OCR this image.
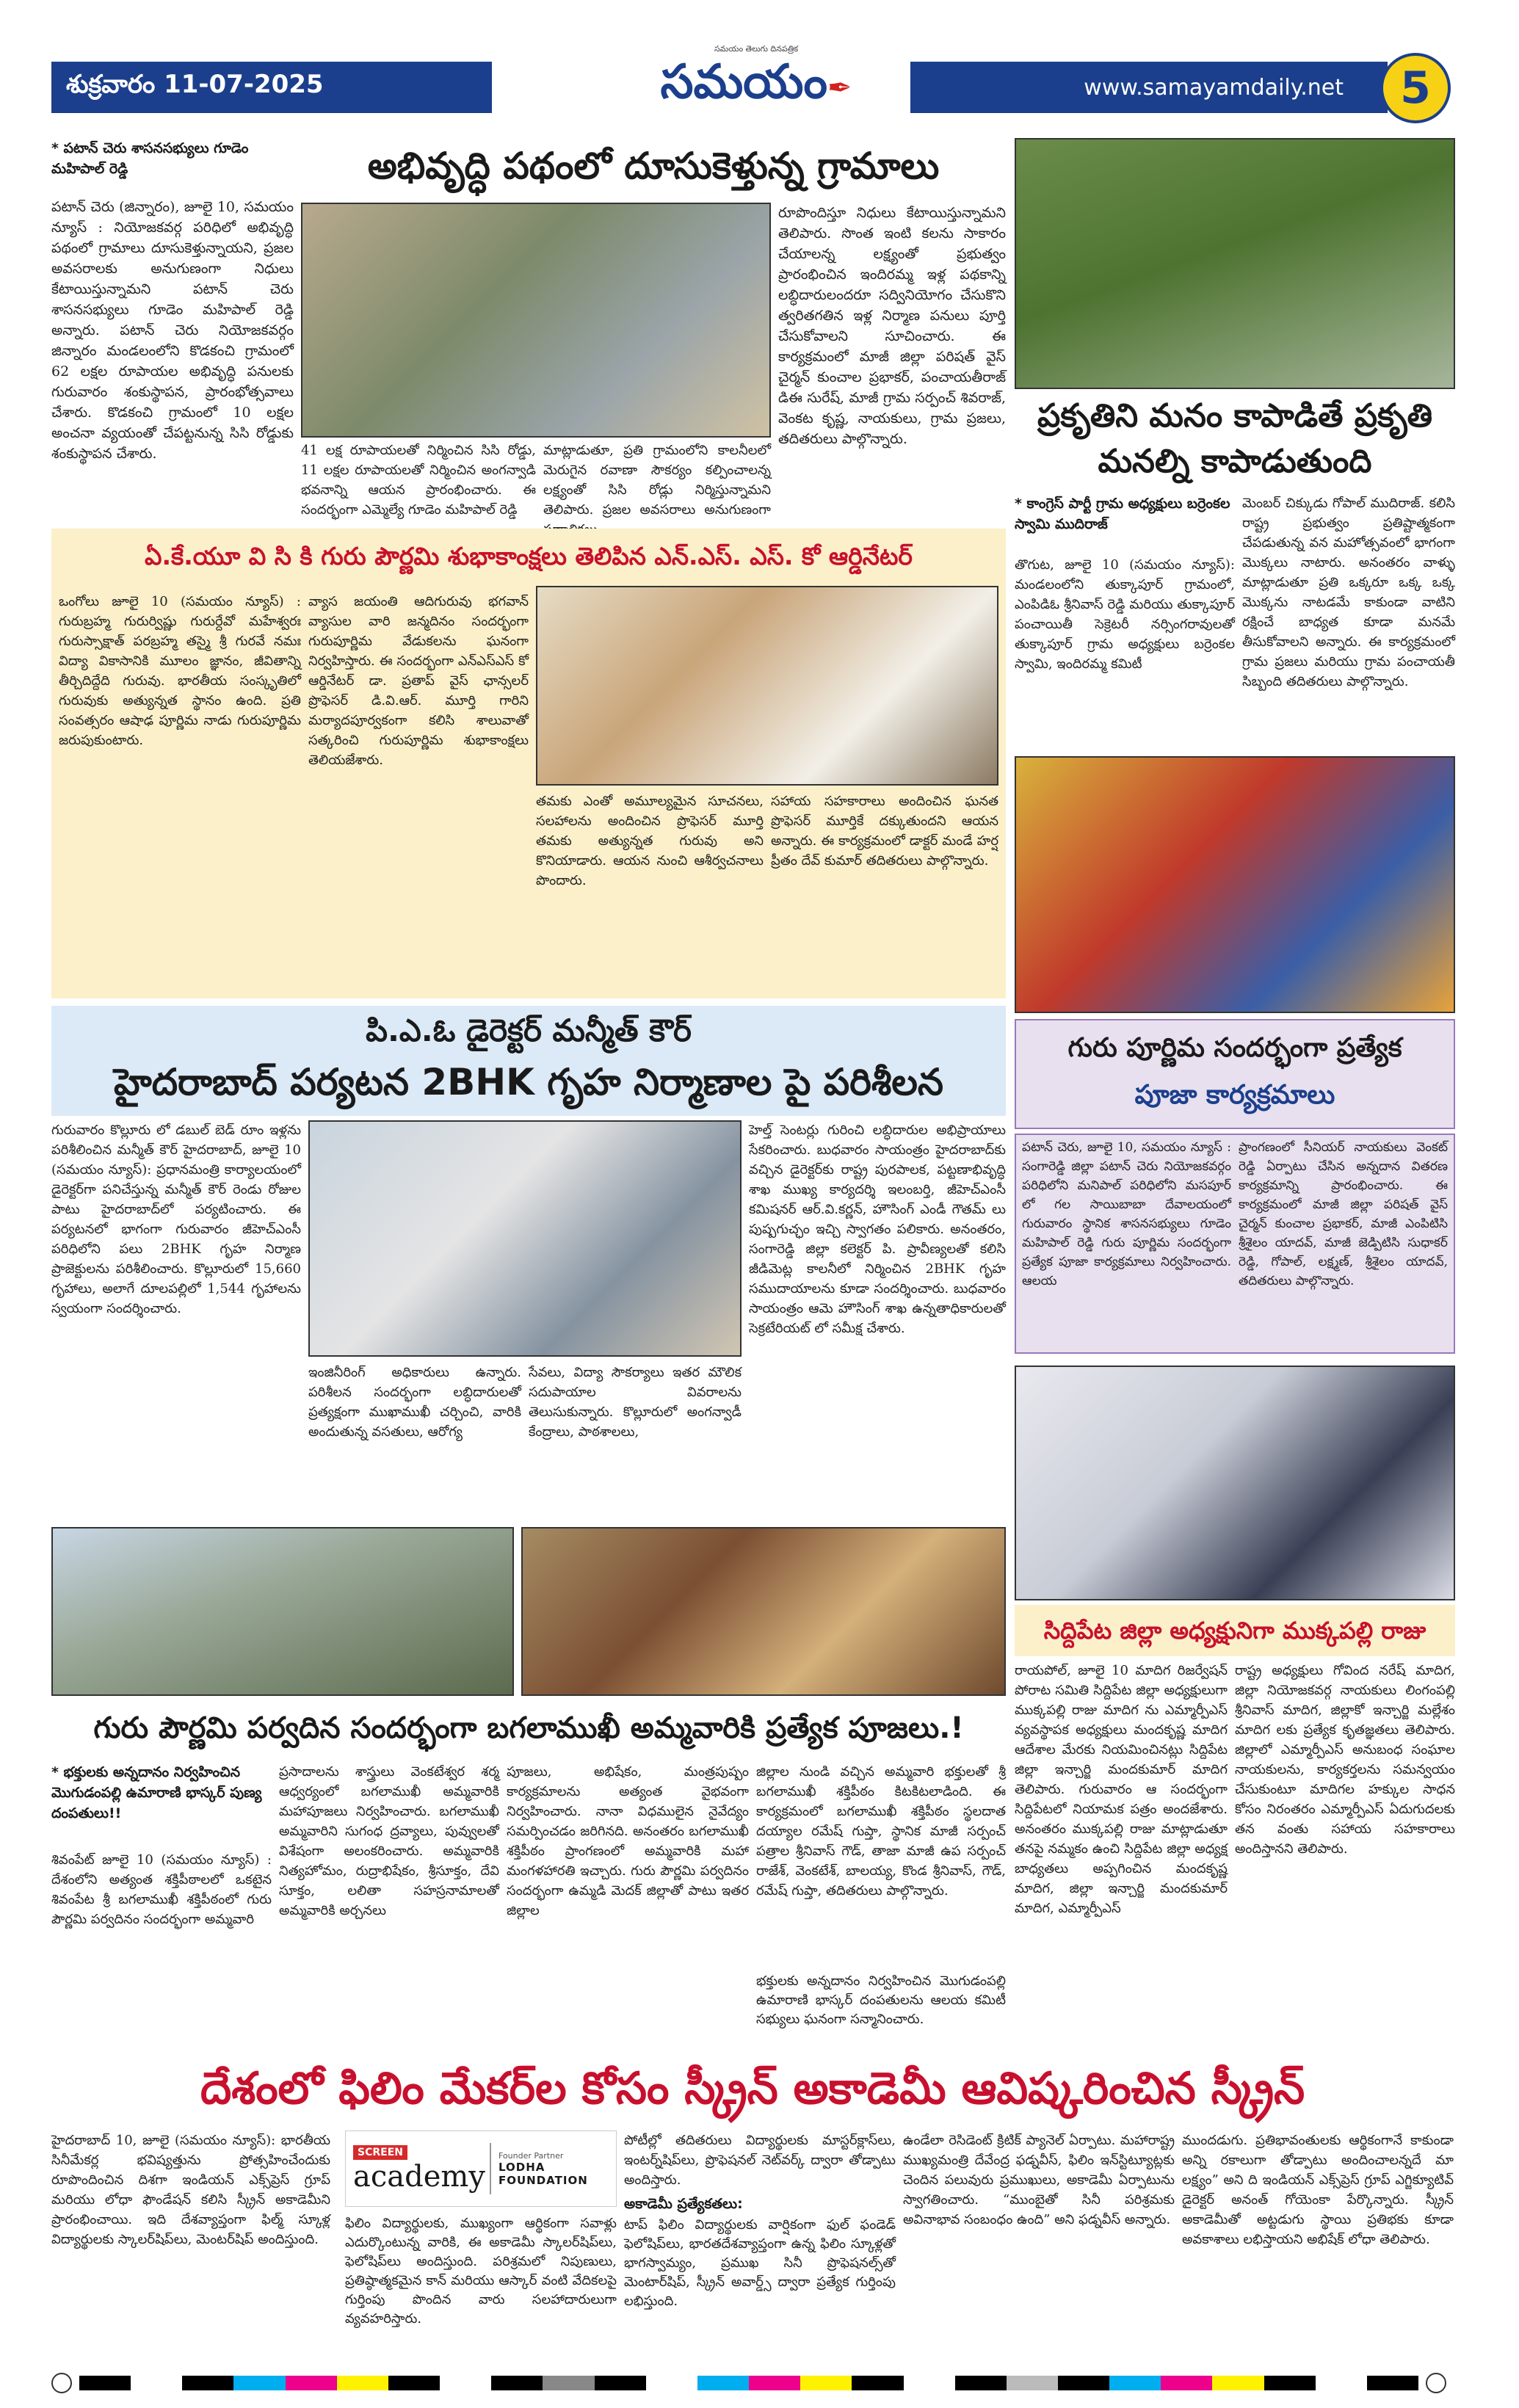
శుక్రవారం 11-07-2025
సమయం తెలుగు దినపత్రిక
సమయం✒	www.samayamdaily.net	5
* పటాన్ చెరు శాసనసభ్యులు గూడెం మహిపాల్ రెడ్డి	అభివృద్ధి పథంలో దూసుకెళ్తున్న గ్రామాలు
పటాన్ చెరు (జిన్నారం), జూలై 10, సమయం న్యూస్ : నియోజకవర్గ పరిధిలో అభివృద్ధి పథంలో గ్రామాలు దూసుకెళ్తున్నాయని, ప్రజల అవసరాలకు అనుగుణంగా నిధులు కేటాయిస్తున్నామని పటాన్ చెరు శాసనసభ్యులు గూడెం మహిపాల్ రెడ్డి అన్నారు. పటాన్ చెరు నియోజకవర్గం జిన్నారం మండలంలోని కొడకంచి గ్రామంలో 62 లక్షల రూపాయల అభివృద్ధి పనులకు గురువారం శంకుస్థాపన, ప్రారంభోత్సవాలు చేశారు. కొడకంచి గ్రామంలో 10 లక్షల అంచనా వ్యయంతో చేపట్టనున్న సిసి రోడ్డుకు శంకుస్థాపన చేశారు.	41 లక్ష రూపాయలతో నిర్మించిన సిసి రోడ్డు, 11 లక్షల రూపాయలతో నిర్మించిన అంగన్వాడి భవనాన్ని ఆయన ప్రారంభించారు. ఈ సందర్భంగా ఎమ్మెల్యే గూడెం మహిపాల్ రెడ్డి
మాట్లాడుతూ, ప్రతి గ్రామంలోని కాలనీలలో మెరుగైన రవాణా సౌకర్యం కల్పించాలన్న లక్ష్యంతో సిసి రోడ్లు నిర్మిస్తున్నామని తెలిపారు. ప్రజల అవసరాలు అనుగుణంగా
రూపొందిస్తూ నిధులు కేటాయిస్తున్నామని తెలిపారు. సొంత ఇంటి కలను సాకారం చేయాలన్న లక్ష్యంతో ప్రభుత్వం ప్రారంభించిన ఇందిరమ్మ ఇళ్ల పథకాన్ని లబ్ధిదారులందరూ సద్వినియోగం చేసుకొని త్వరితగతిన ఇళ్ల నిర్మాణ పనులు పూర్తి చేసుకోవాలని సూచించారు. ఈ కార్యక్రమంలో మాజీ జిల్లా పరిషత్ వైస్ చైర్మన్ కుంచాల ప్రభాకర్, పంచాయతీరాజ్ డిఈ సురేష్, మాజీ గ్రామ సర్పంచ్ శివరాజ్, వెంకట కృష్ణ, నాయకులు, గ్రామ ప్రజలు, తదితరులు పాల్గొన్నారు.
ప్రకృతిని మనం కాపాడితే ప్రకృతి
మనల్ని కాపాడుతుంది
* కాంగ్రెస్ పార్టీ గ్రామ అధ్యక్షులు బర్రెంకల స్వామి ముదిరాజ్
తొగుట, జూలై 10 (సమయం న్యూస్): మండలంలోని తుక్కాపూర్ గ్రామంలో, ఎంపిడిఓ శ్రీనివాస్ రెడ్డి మరియు తుక్కాపూర్ పంచాయితీ సెక్రెటరీ నర్సింగరావులతో తుక్కాపూర్ గ్రామ అధ్యక్షులు బర్రెంకల స్వామి, ఇందిరమ్మ కమిటీ
మెంబర్ చిక్కుడు గోపాల్ ముదిరాజ్. కలిసి రాష్ట్ర ప్రభుత్వం ప్రతిష్టాత్మకంగా చేపడుతున్న వన మహోత్సవంలో భాగంగా మొక్కలు నాటారు. అనంతరం వాళ్ళు మాట్లాడుతూ ప్రతి ఒక్కరూ ఒక్క ఒక్క మొక్కను నాటడమే కాకుండా వాటిని రక్షించే బాధ్యత కూడా మనమే తీసుకోవాలని అన్నారు. ఈ కార్యక్రమంలో గ్రామ ప్రజలు మరియు గ్రామ పంచాయతీ సిబ్బంది తదితరులు పాల్గొన్నారు.
ఏ.కే.యూ వి సి కి గురు పౌర్ణమి శుభాకాంక్షలు తెలిపిన ఎన్.ఎస్. ఎస్. కో ఆర్డినేటర్
ఒంగోలు జూలై 10 (సమయం న్యూస్) : గురుబ్రహ్మ గురుర్విష్ణు గురుర్దేవో మహేశ్వరః గురుస్సాక్షాత్ పరబ్రహ్మ తస్మై శ్రీ గురవే నమః విద్యా వికాసానికి మూలం జ్ఞానం, జీవితాన్ని తీర్చిదిద్దేది గురువు. భారతీయ సంస్కృతిలో గురువుకు అత్యున్నత స్థానం ఉంది. ప్రతి సంవత్సరం ఆషాఢ పూర్ణిమ నాడు గురుపూర్ణిమ జరుపుకుంటారు.
వ్యాస జయంతి ఆదిగురువు భగవాన్ వ్యాసుల వారి జన్మదినం సందర్భంగా గురుపూర్ణిమ వేడుకలను ఘనంగా నిర్వహిస్తారు. ఈ సందర్భంగా ఎన్ఎస్ఎస్ కో ఆర్డినేటర్ డా. ప్రతాప్ వైస్ ఛాన్సలర్ ప్రొఫెసర్ డి.వి.ఆర్. మూర్తి గారిని మర్యాదపూర్వకంగా కలిసి శాలువాతో సత్కరించి గురుపూర్ణిమ శుభాకాంక్షలు తెలియజేశారు.
తమకు ఎంతో అమూల్యమైన సూచనలు, సలహాలను అందించిన ప్రొఫెసర్ మూర్తి తమకు అత్యున్నత గురువు అని కొనియాడారు. ఆయన నుంచి ఆశీర్వచనాలు పొందారు.
సహాయ సహకారాలు అందించిన ఘనత ప్రొఫెసర్ మూర్తికే దక్కుతుందని ఆయన అన్నారు. ఈ కార్యక్రమంలో డాక్టర్ మండే హర్ష ప్రీతం దేవ్ కుమార్ తదితరులు పాల్గొన్నారు.
పి.ఎ.ఓ డైరెక్టర్ మన్మీత్ కౌర్
హైదరాబాద్ పర్యటన 2BHK గృహ నిర్మాణాల పై పరిశీలన
గురువారం కొల్లూరు లో డబుల్ బెడ్ రూం ఇళ్లను పరిశీలించిన మన్మీత్ కౌర్ హైదరాబాద్, జూలై 10 (సమయం న్యూస్): ప్రధానమంత్రి కార్యాలయంలో డైరెక్టర్‌గా పనిచేస్తున్న మన్మీత్ కౌర్ రెండు రోజుల పాటు హైదరాబాద్‌లో పర్యటించారు. ఈ పర్యటనలో భాగంగా గురువారం జీహెచ్ఎంసీ పరిధిలోని పలు 2BHK గృహ నిర్మాణ ప్రాజెక్టులను పరిశీలించారు. కొల్లూరులో 15,660 గృహాలు, అలాగే దూలపల్లిలో 1,544 గృహాలను స్వయంగా సందర్శించారు.
ఇంజినీరింగ్ అధికారులు ఉన్నారు. పరిశీలన సందర్భంగా లబ్ధిదారులతో ప్రత్యక్షంగా ముఖాముఖీ చర్చించి, వారికి అందుతున్న వసతులు, ఆరోగ్య
సేవలు, విద్యా సౌకర్యాలు ఇతర మౌలిక సదుపాయాల వివరాలను తెలుసుకున్నారు. కొల్లూరులో అంగన్వాడీ కేంద్రాలు, పాఠశాలలు,
హెల్త్ సెంటర్లు గురించి లబ్ధిదారుల అభిప్రాయాలు సేకరించారు. బుధవారం సాయంత్రం హైదరాబాద్‌కు వచ్చిన డైరెక్టర్‌కు రాష్ట్ర పురపాలక, పట్టణాభివృద్ధి శాఖ ముఖ్య కార్యదర్శి ఇలంబర్తి, జీహెచ్ఎంసీ కమిషనర్ ఆర్.వి.కర్ణన్, హౌసింగ్ ఎండీ గౌతమ్ లు పుష్పగుచ్ఛం ఇచ్చి స్వాగతం పలికారు. అనంతరం, సంగారెడ్డి జిల్లా కలెక్టర్ పి. ప్రావీణ్యలతో కలిసి జీడిమెట్ల కాలనీలో నిర్మించిన 2BHK గృహ సముదాయాలను కూడా సందర్శించారు. బుధవారం సాయంత్రం ఆమె హౌసింగ్ శాఖ ఉన్నతాధికారులతో సెక్రటేరియట్ లో సమీక్ష చేశారు.
గురు పూర్ణిమ సందర్భంగా ప్రత్యేక
పూజా కార్యక్రమాలు
పటాన్ చెరు, జూలై 10, సమయం న్యూస్ : సంగారెడ్డి జిల్లా పటాన్ చెరు నియోజకవర్గం పరిధిలోని మనిపాల్ పరిధిలోని మసపూర్ లో గల సాయిబాబా దేవాలయంలో గురువారం స్థానిక శాసనసభ్యులు గూడెం మహిపాల్ రెడ్డి గురు పూర్ణిమ సందర్భంగా ప్రత్యేక పూజా కార్యక్రమాలు నిర్వహించారు. ఆలయ
ప్రాంగణంలో సీనియర్ నాయకులు వెంకట్ రెడ్డి ఏర్పాటు చేసిన అన్నదాన వితరణ కార్యక్రమాన్ని ప్రారంభించారు. ఈ కార్యక్రమంలో మాజీ జిల్లా పరిషత్ వైస్ చైర్మన్ కుంచాల ప్రభాకర్, మాజీ ఎంపిటిసి శ్రీశైలం యాదవ్, మాజీ జెడ్పిటిసి సుధాకర్ రెడ్డి, గోపాల్, లక్ష్మణ్, శ్రీశైలం యాదవ్, తదితరులు పాల్గొన్నారు.
సిద్దిపేట జిల్లా అధ్యక్షునిగా ముక్కపల్లి రాజు
రాయపోల్, జూలై 10 మాదిగ రిజర్వేషన్ పోరాట సమితి సిద్దిపేట జిల్లా అధ్యక్షులుగా ముక్కపల్లి రాజు మాదిగ ను ఎమ్మార్పీఎస్ వ్యవస్థాపక అధ్యక్షులు మందకృష్ణ మాదిగ ఆదేశాల మేరకు నియమించినట్లు సిద్దిపేట జిల్లా ఇన్చార్జి మందకుమార్ మాదిగ తెలిపారు. గురువారం ఆ సందర్భంగా సిద్దిపేటలో నియామక పత్రం అందజేశారు. అనంతరం ముక్కపల్లి రాజు మాట్లాడుతూ తనపై నమ్మకం ఉంచి సిద్దిపేట జిల్లా అధ్యక్ష బాధ్యతలు అప్పగించిన మందకృష్ణ మాదిగ, జిల్లా ఇన్చార్జి మందకుమార్ మాదిగ, ఎమ్మార్పీఎస్
రాష్ట్ర అధ్యక్షులు గోవింద నరేష్ మాదిగ, జిల్లా నియోజకవర్గ నాయకులు లింగంపల్లి శ్రీనివాస్ మాదిగ, జిల్లాకో ఇన్చార్జి మల్లేశం మాదిగ లకు ప్రత్యేక కృతజ్ఞతలు తెలిపారు. జిల్లాలో ఎమ్మార్పీఎస్ అనుబంధ సంఘాల నాయకులను, కార్యకర్తలను సమన్వయం చేసుకుంటూ మాదిగల హక్కుల సాధన కోసం నిరంతరం ఎమ్మార్పీఎస్ ఏదుగుదలకు తన వంతు సహాయ సహకారాలు అందిస్తానని తెలిపారు.
గురు పౌర్ణమి పర్వదిన సందర్భంగా బగలాముఖీ అమ్మవారికి ప్రత్యేక పూజలు.!
* భక్తులకు అన్నదానం నిర్వహించిన మొగుడంపల్లి ఉమారాణి భాస్కర్ పుణ్య దంపతులు!!
శివంపేట్ జూలై 10 (సమయం న్యూస్) : దేశంలోని అత్యంత శక్తిపీఠాలలో ఒకటైన శివంపేట శ్రీ బగలాముఖీ శక్తిపీఠంలో గురు పౌర్ణమి పర్వదినం సందర్భంగా అమ్మవారి
ప్రసాదాలను శాస్త్రులు వెంకటేశ్వర శర్మ ఆధ్వర్యంలో బగలాముఖీ అమ్మవారికి మహాపూజలు నిర్వహించారు. బగలాముఖీ అమ్మవారిని సుగంధ ద్రవ్యాలు, పువ్వులతో విశేషంగా అలంకరించారు. అమ్మవారికి నిత్యహోమం, రుద్రాభిషేకం, శ్రీసూక్తం, దేవి సూక్తం, లలితా సహస్రనామాలతో అమ్మవారికి అర్చనలు
పూజలు, అభిషేకం, మంత్రపుష్పం కార్యక్రమాలను అత్యంత వైభవంగా నిర్వహించారు. నానా విధములైన నైవేద్యం సమర్పించడం జరిగినది. అనంతరం బగలాముఖీ శక్తిపీఠం ప్రాంగణంలో అమ్మవారికి మహా మంగళహారతి ఇచ్చారు. గురు పౌర్ణమి పర్వదినం సందర్భంగా ఉమ్మడి మెదక్ జిల్లాతో పాటు ఇతర జిల్లాల
జిల్లాల నుండి వచ్చిన అమ్మవారి భక్తులతో శ్రీ బగలాముఖీ శక్తిపీఠం కిటకిటలాడింది. ఈ కార్యక్రమంలో బగలాముఖీ శక్తిపీఠం స్థలదాత దయ్యాల రమేష్ గుప్తా, స్థానిక మాజీ సర్పంచ్ పత్రాల శ్రీనివాస్ గౌడ్, తాజా మాజీ ఉప సర్పంచ్ రాజేశ్, వెంకటేశ్, బాలయ్య, కొండ శ్రీనివాస్, గౌడ్, రమేష్ గుప్తా, తదితరులు పాల్గొన్నారు.
భక్తులకు అన్నదానం నిర్వహించిన మొగుడంపల్లి ఉమారాణి భాస్కర్ దంపతులను ఆలయ కమిటీ సభ్యులు ఘనంగా సన్మానించారు.
దేశంలో ఫిలిం మేకర్‌ల కోసం స్క్రీన్ అకాడెమీ ఆవిష్కరించిన స్క్రీన్
హైదరాబాద్ 10, జూలై (సమయం న్యూస్): భారతీయ సినీమేకర్ల భవిష్యత్తును ప్రోత్సహించేందుకు రూపొందించిన దిశగా ఇండియన్ ఎక్స్‌ప్రెస్ గ్రూప్ మరియు లోధా ఫౌండేషన్ కలిసి స్క్రీన్ అకాడెమీని ప్రారంభించాయి. ఇది దేశవ్యాప్తంగా ఫిల్మ్ స్కూళ్ల విద్యార్థులకు స్కాలర్‌షిప్‌లు, మెంటర్‌షిప్ అందిస్తుంది.
SCREEN
academy
Founder Partner
LODHA FOUNDATION
ఫిలిం విద్యార్థులకు, ముఖ్యంగా ఆర్థికంగా సవాళ్లు ఎదుర్కొంటున్న వారికి, ఈ అకాడెమీ స్కాలర్‌షిప్‌లు, ఫెలోషిప్‌లు అందిస్తుంది. పరిశ్రమలో నిపుణులు, ప్రతిష్ఠాత్మకమైన కాన్ మరియు ఆస్కార్ వంటి వేదికలపై గుర్తింపు పొందిన వారు సలహాదారులుగా వ్యవహరిస్తారు.
పోటీల్లో తదితరులు విద్యార్థులకు మాస్టర్‌క్లాస్‌లు, ఇంటర్న్‌షిప్‌లు, ప్రొఫెషనల్ నెట్‌వర్క్ ద్వారా తోడ్పాటు అందిస్తారు.
అకాడెమీ ప్రత్యేకతలు:
టాప్ ఫిలిం విద్యార్థులకు వార్షికంగా ఫుల్ ఫండెడ్ ఫెలోషిప్‌లు, భారతదేశవ్యాప్తంగా ఉన్న ఫిలిం స్కూళ్లతో భాగస్వామ్యం, ప్రముఖ సినీ ప్రొఫెషనల్స్‌తో మెంటార్‌షిప్, స్క్రీన్ అవార్డ్స్ ద్వారా ప్రత్యేక గుర్తింపు లభిస్తుంది.
ఉండేలా రెసిడెంట్ క్రిటిక్ ప్యానెల్ ఏర్పాటు. మహారాష్ట్ర ముఖ్యమంత్రి దేవేంద్ర ఫడ్నవీస్, ఫిలిం ఇన్‌స్టిట్యూట్లకు చెందిన పలువురు ప్రముఖులు, అకాడెమీ ఏర్పాటును స్వాగతించారు. “ముంబైతో సినీ పరిశ్రమకు అవినాభావ సంబంధం ఉంది” అని ఫడ్నవీస్ అన్నారు.
ముందడుగు. ప్రతిభావంతులకు ఆర్థికంగానే కాకుండా అన్ని రకాలుగా తోడ్పాటు అందించాలన్నదే మా లక్ష్యం” అని ది ఇండియన్ ఎక్స్‌ప్రెస్ గ్రూప్ ఎగ్జిక్యూటివ్ డైరెక్టర్ అనంత్ గోయెంకా పేర్కొన్నారు. స్క్రీన్ అకాడెమీతో అట్టడుగు స్థాయి ప్రతిభకు కూడా అవకాశాలు లభిస్తాయని అభిషేక్ లోధా తెలిపారు.
